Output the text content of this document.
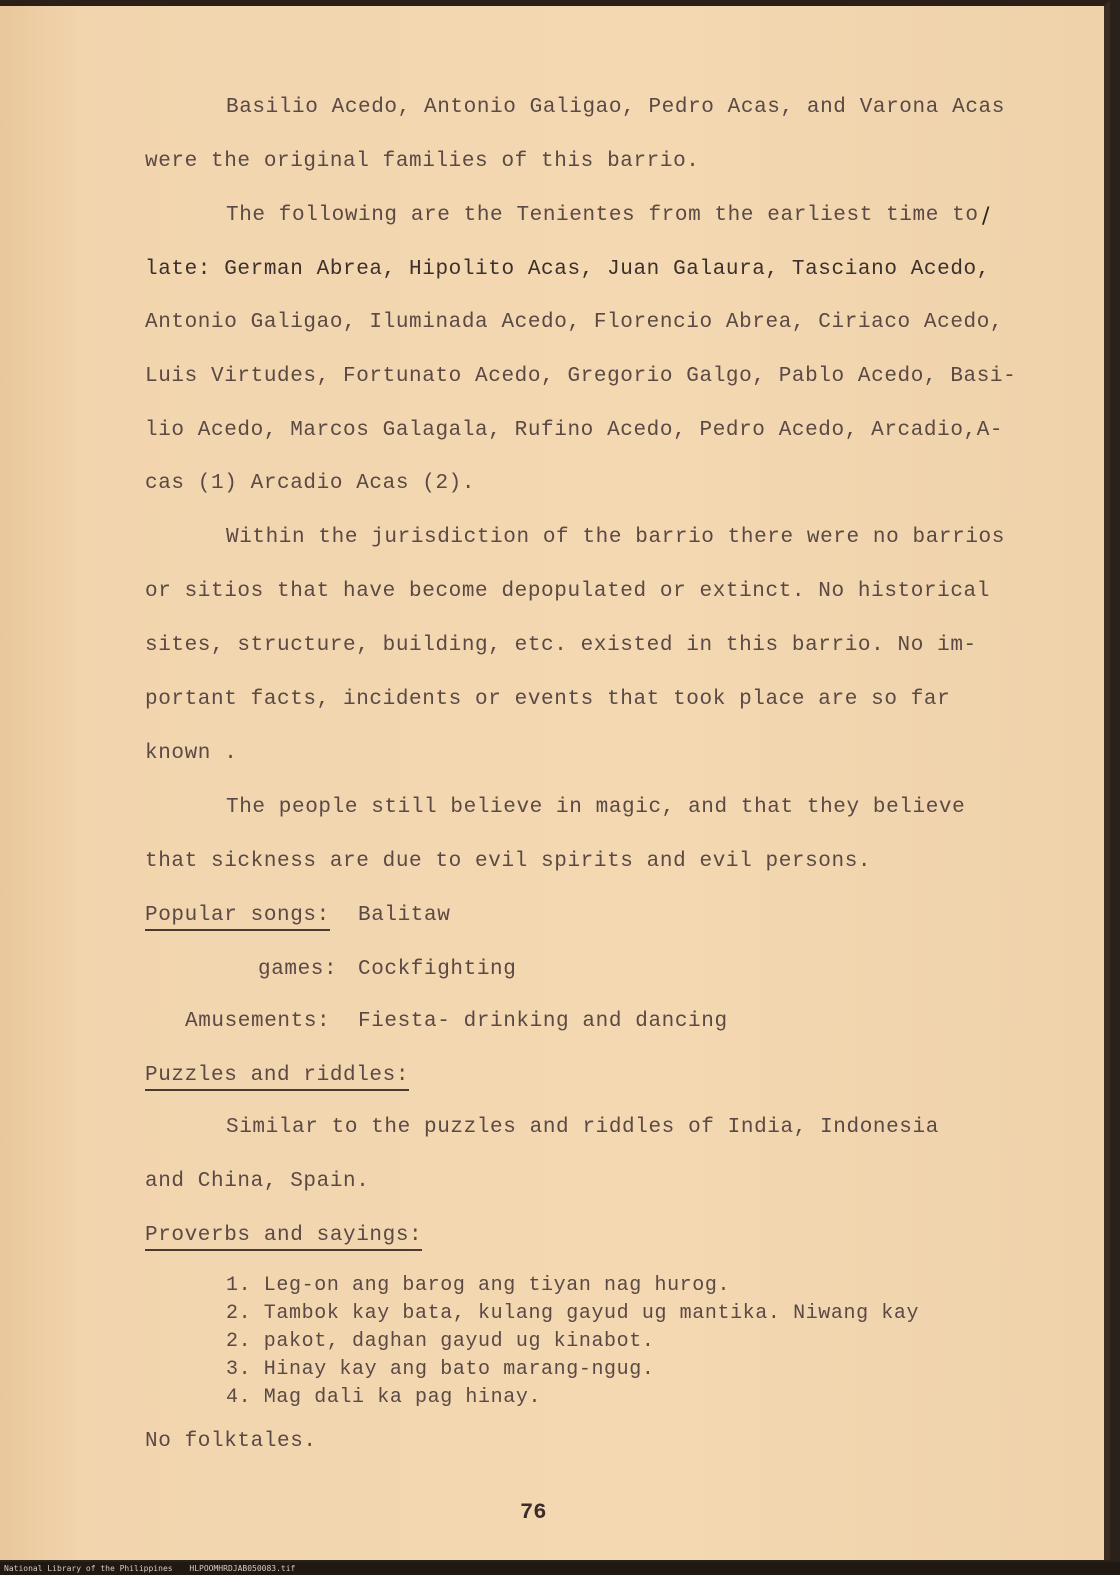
Basilio Acedo, Antonio Galigao, Pedro Acas, and Varona Acas
were the original families of this barrio.
The following are the Tenientes from the earliest time to /
late: German Abrea, Hipolito Acas, Juan Galaura, Tasciano Acedo,
Antonio Galigao, Iluminada Acedo, Florencio Abrea, Ciriaco Acedo,
Luis Virtudes, Fortunato Acedo, Gregorio Galgo, Pablo Acedo, Basi-
lio Acedo, Marcos Galagala, Rufino Acedo, Pedro Acedo, Arcadio,A-
cas (1) Arcadio Acas (2).
Within the jurisdiction of the barrio there were no barrios
or sitios that have become depopulated or extinct. No historical
sites, structure, building, etc. existed in this barrio. No im-
portant facts, incidents or events that took place are so far
known .
The people still believe in magic, and that they believe
that sickness are due to evil spirits and evil persons.
Popular songs: Balitaw
games: Cockfighting
Amusements: Fiesta- drinking and dancing
Puzzles and riddles:
Similar to the puzzles and riddles of India, Indonesia
and China, Spain.
Proverbs and sayings:
1. Leg-on ang barog ang tiyan nag hurog.
2. Tambok kay bata, kulang gayud ug mantika. Niwang kay
2. pakot, daghan gayud ug kinabot.
3. Hinay kay ang bato marang-ngug.
4. Mag dali ka pag hinay.
No folktales.
76
National Library of the Philippines HLPOOMHRDJAB050083.tif
